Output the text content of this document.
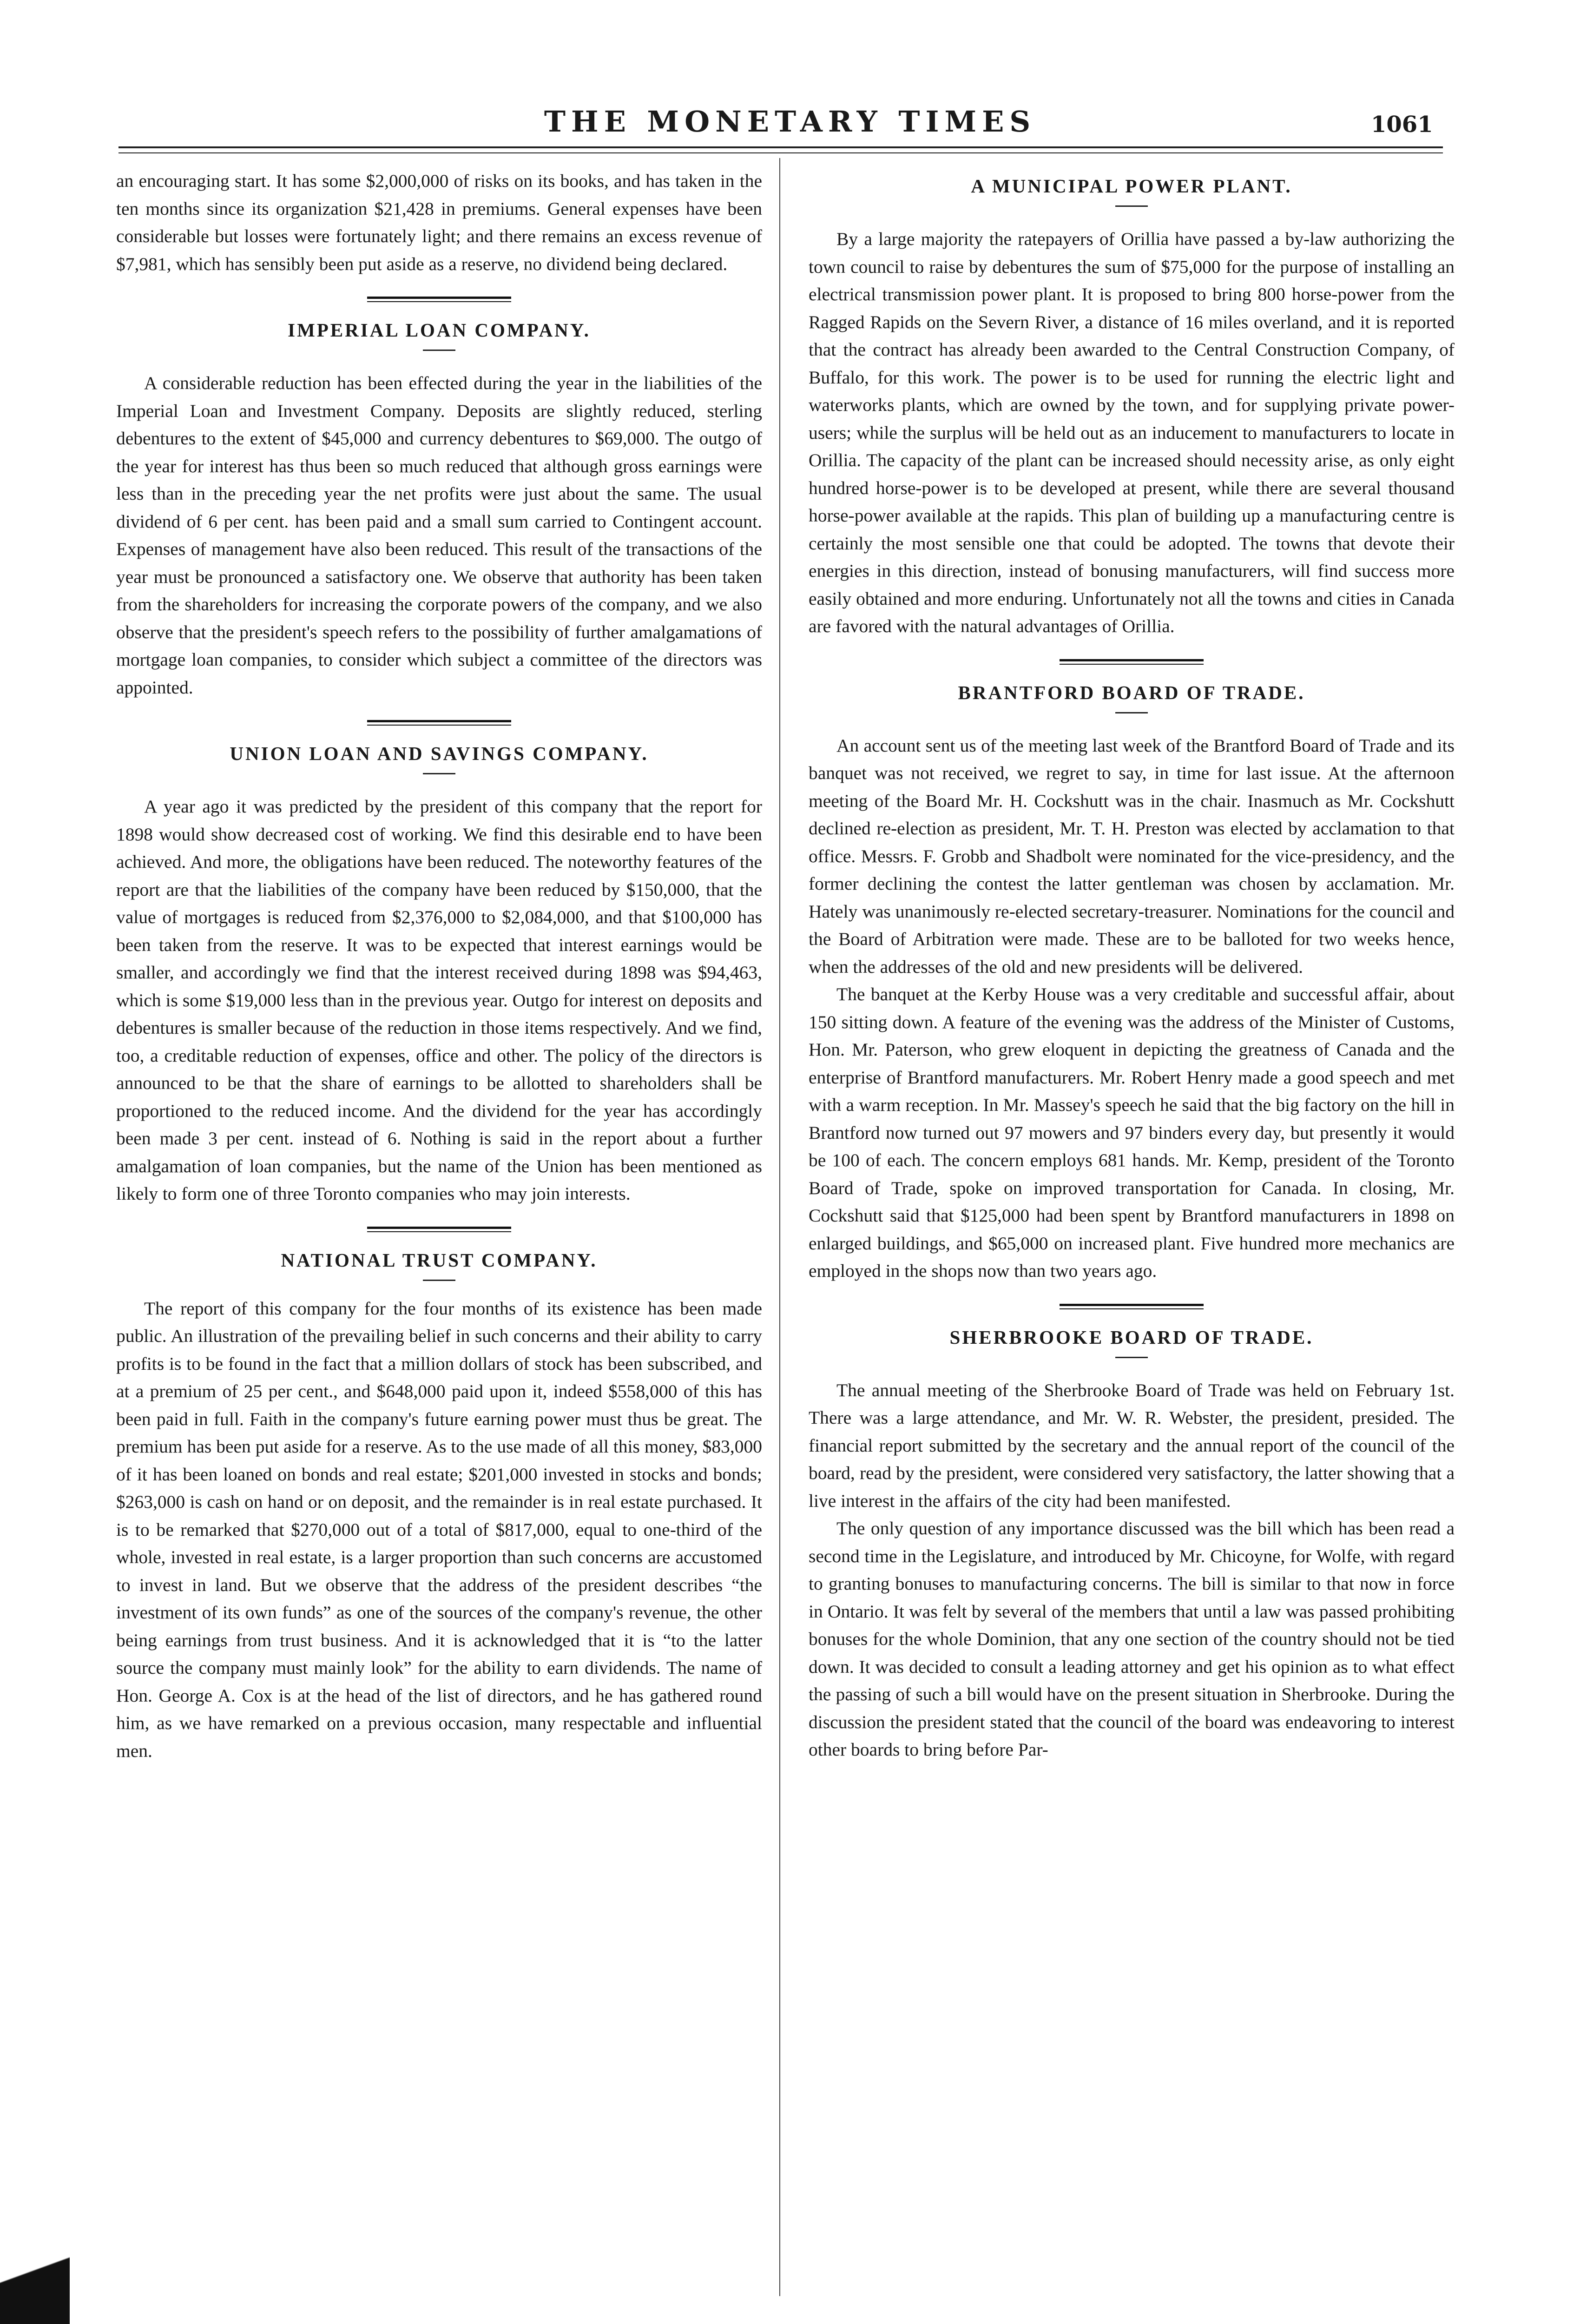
THE MONETARY TIMES	1061

an encouraging start. It has some $2,000,000 of risks on its books, and has taken in the ten months since its organization $21,428 in premiums. General expenses have been considerable but losses were fortunately light; and there remains an excess revenue of $7,981, which has sensibly been put aside as a reserve, no dividend being declared.

IMPERIAL LOAN COMPANY.

A considerable reduction has been effected during the year in the liabilities of the Imperial Loan and Investment Company. Deposits are slightly reduced, sterling debentures to the extent of $45,000 and currency debentures to $69,000. The outgo of the year for interest has thus been so much reduced that although gross earnings were less than in the preceding year the net profits were just about the same. The usual dividend of 6 per cent. has been paid and a small sum carried to Contingent account. Expenses of management have also been reduced. This result of the transactions of the year must be pronounced a satisfactory one. We observe that authority has been taken from the shareholders for increasing the corporate powers of the company, and we also observe that the president's speech refers to the possibility of further amalgamations of mortgage loan companies, to consider which subject a committee of the directors was appointed.

UNION LOAN AND SAVINGS COMPANY.

A year ago it was predicted by the president of this company that the report for 1898 would show decreased cost of working. We find this desirable end to have been achieved. And more, the obligations have been reduced. The noteworthy features of the report are that the liabilities of the company have been reduced by $150,000, that the value of mortgages is reduced from $2,376,000 to $2,084,000, and that $100,000 has been taken from the reserve. It was to be expected that interest earnings would be smaller, and accordingly we find that the interest received during 1898 was $94,463, which is some $19,000 less than in the previous year. Outgo for interest on deposits and debentures is smaller because of the reduction in those items respectively. And we find, too, a creditable reduction of expenses, office and other. The policy of the directors is announced to be that the share of earnings to be allotted to shareholders shall be proportioned to the reduced income. And the dividend for the year has accordingly been made 3 per cent. instead of 6. Nothing is said in the report about a further amalgamation of loan companies, but the name of the Union has been mentioned as likely to form one of three Toronto companies who may join interests.

NATIONAL TRUST COMPANY.

The report of this company for the four months of its existence has been made public. An illustration of the prevailing belief in such concerns and their ability to carry profits is to be found in the fact that a million dollars of stock has been subscribed, and at a premium of 25 per cent., and $648,000 paid upon it, indeed $558,000 of this has been paid in full. Faith in the company's future earning power must thus be great. The premium has been put aside for a reserve. As to the use made of all this money, $83,000 of it has been loaned on bonds and real estate; $201,000 invested in stocks and bonds; $263,000 is cash on hand or on deposit, and the remainder is in real estate purchased. It is to be remarked that $270,000 out of a total of $817,000, equal to one-third of the whole, invested in real estate, is a larger proportion than such concerns are accustomed to invest in land. But we observe that the address of the president describes “the investment of its own funds” as one of the sources of the company's revenue, the other being earnings from trust business. And it is acknowledged that it is “to the latter source the company must mainly look” for the ability to earn dividends. The name of Hon. George A. Cox is at the head of the list of directors, and he has gathered round him, as we have remarked on a previous occasion, many respectable and influential men.

A MUNICIPAL POWER PLANT.

By a large majority the ratepayers of Orillia have passed a by-law authorizing the town council to raise by debentures the sum of $75,000 for the purpose of installing an electrical transmission power plant. It is proposed to bring 800 horse-power from the Ragged Rapids on the Severn River, a distance of 16 miles overland, and it is reported that the contract has already been awarded to the Central Construction Company, of Buffalo, for this work. The power is to be used for running the electric light and waterworks plants, which are owned by the town, and for supplying private power-users; while the surplus will be held out as an inducement to manufacturers to locate in Orillia. The capacity of the plant can be increased should necessity arise, as only eight hundred horse-power is to be developed at present, while there are several thousand horse-power available at the rapids. This plan of building up a manufacturing centre is certainly the most sensible one that could be adopted. The towns that devote their energies in this direction, instead of bonusing manufacturers, will find success more easily obtained and more enduring. Unfortunately not all the towns and cities in Canada are favored with the natural advantages of Orillia.

BRANTFORD BOARD OF TRADE.

An account sent us of the meeting last week of the Brantford Board of Trade and its banquet was not received, we regret to say, in time for last issue. At the afternoon meeting of the Board Mr. H. Cockshutt was in the chair. Inasmuch as Mr. Cockshutt declined re-election as president, Mr. T. H. Preston was elected by acclamation to that office. Messrs. F. Grobb and Shadbolt were nominated for the vice-presidency, and the former declining the contest the latter gentleman was chosen by acclamation. Mr. Hately was unanimously re-elected secretary-treasurer. Nominations for the council and the Board of Arbitration were made. These are to be balloted for two weeks hence, when the addresses of the old and new presidents will be delivered.

The banquet at the Kerby House was a very creditable and successful affair, about 150 sitting down. A feature of the evening was the address of the Minister of Customs, Hon. Mr. Paterson, who grew eloquent in depicting the greatness of Canada and the enterprise of Brantford manufacturers. Mr. Robert Henry made a good speech and met with a warm reception. In Mr. Massey's speech he said that the big factory on the hill in Brantford now turned out 97 mowers and 97 binders every day, but presently it would be 100 of each. The concern employs 681 hands. Mr. Kemp, president of the Toronto Board of Trade, spoke on improved transportation for Canada. In closing, Mr. Cockshutt said that $125,000 had been spent by Brantford manufacturers in 1898 on enlarged buildings, and $65,000 on increased plant. Five hundred more mechanics are employed in the shops now than two years ago.

SHERBROOKE BOARD OF TRADE.

The annual meeting of the Sherbrooke Board of Trade was held on February 1st. There was a large attendance, and Mr. W. R. Webster, the president, presided. The financial report submitted by the secretary and the annual report of the council of the board, read by the president, were considered very satisfactory, the latter showing that a live interest in the affairs of the city had been manifested.

The only question of any importance discussed was the bill which has been read a second time in the Legislature, and introduced by Mr. Chicoyne, for Wolfe, with regard to granting bonuses to manufacturing concerns. The bill is similar to that now in force in Ontario. It was felt by several of the members that until a law was passed prohibiting bonuses for the whole Dominion, that any one section of the country should not be tied down. It was decided to consult a leading attorney and get his opinion as to what effect the passing of such a bill would have on the present situation in Sherbrooke. During the discussion the president stated that the council of the board was endeavoring to interest other boards to bring before Par-
